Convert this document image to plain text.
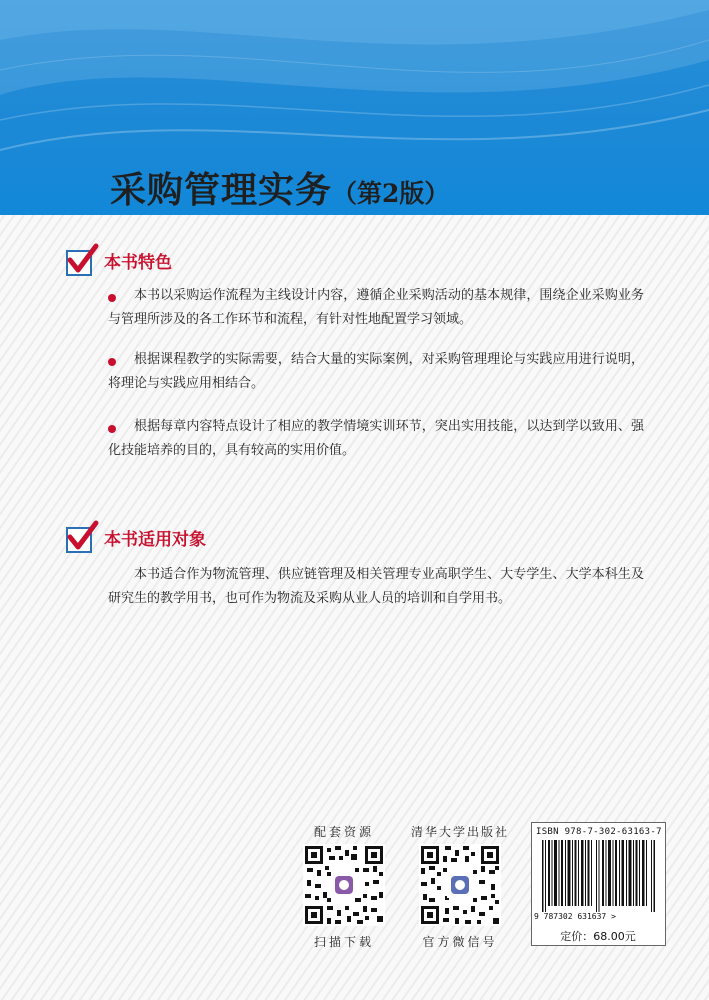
采购管理实务（第2版）
本书特色
本书以采购运作流程为主线设计内容，遵循企业采购活动的基本规律，围绕企业采购业务与管理所涉及的各工作环节和流程，有针对性地配置学习领域。
根据课程教学的实际需要，结合大量的实际案例，对采购管理理论与实践应用进行说明，将理论与实践应用相结合。
根据每章内容特点设计了相应的教学情境实训环节，突出实用技能，以达到学以致用、强化技能培养的目的，具有较高的实用价值。
本书适用对象
本书适合作为物流管理、供应链管理及相关管理专业高职学生、大专学生、大学本科生及研究生的教学用书，也可作为物流及采购从业人员的培训和自学用书。
配套资源
扫描下载
清华大学出版社
官方微信号
ISBN 978-7-302-63163-7
9 787302 631637 >
定价：68.00元
